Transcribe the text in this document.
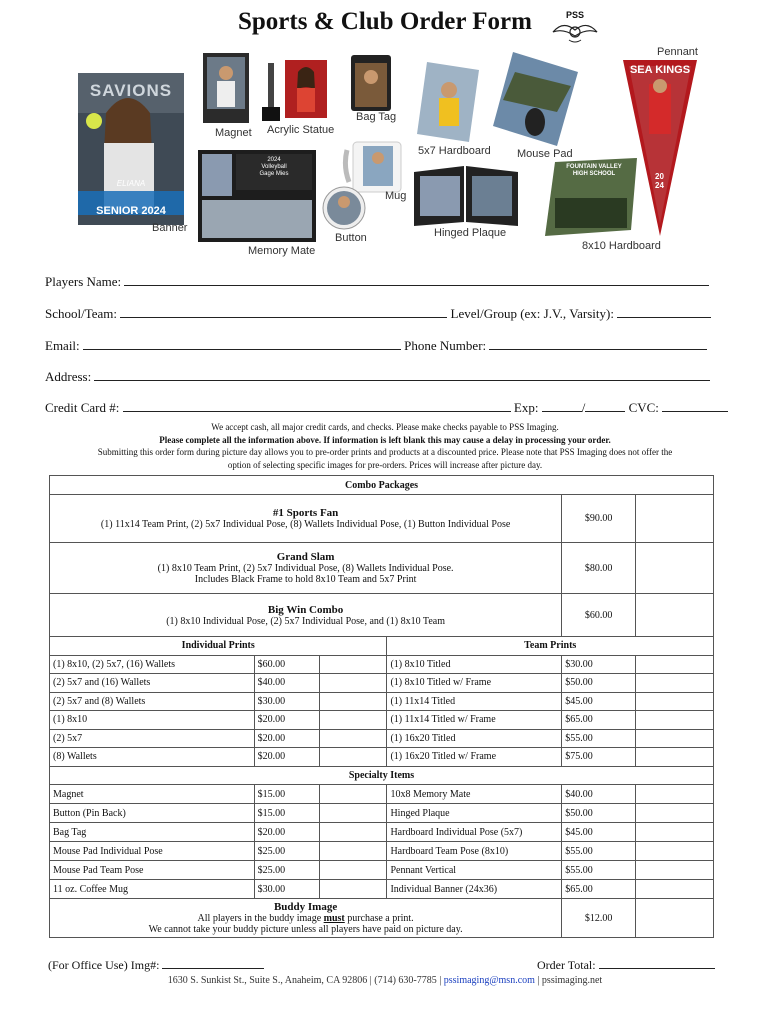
Sports & Club Order Form	PSS
SAVIONS
ELIANA
SENIOR 2024
Banner
Magnet Acrylic Statue
Bag Tag
5x7 Hardboard Mouse Pad
Pennant
SEA KINGS
2024
Mug
Button
2024
Volleyball
Gage Mies
Memory Mate
Hinged Plaque
FOUNTAIN VALLEY
HIGH SCHOOL
8x10 Hardboard
Players Name:
School/Team:	Level/Group (ex: J.V., Varsity):
Email:	Phone Number:
Address:
Credit Card #:	Exp:	/	CVC:
We accept cash, all major credit cards, and checks. Please make checks payable to PSS Imaging.
Please complete all the information above. If information is left blank this may cause a delay in processing your order.
Submitting this order form during picture day allows you to pre-order prints and products at a discounted price. Please note that PSS Imaging does not offer the
option of selecting specific images for pre-orders. Prices will increase after picture day.
Combo Packages					

#1 Sports Fan
(1) 11x14 Team Print, (2) 5x7 Individual Pose, (8) Wallets Individual Pose, (1) Button Individual Pose				$90.00	

Grand Slam
(1) 8x10 Team Print, (2) 5x7 Individual Pose, (8) Wallets Individual Pose.
Includes Black Frame to hold 8x10 Team and 5x7 Print				$80.00	

Big Win Combo
(1) 8x10 Individual Pose, (2) 5x7 Individual Pose, and (1) 8x10 Team				$60.00	
Individual Prints			Team Prints		
(1) 8x10, (2) 5x7, (16) Wallets	$60.00		(1) 8x10 Titled	$30.00	
(2) 5x7 and (16) Wallets	$40.00		(1) 8x10 Titled w/ Frame	$50.00	
(2) 5x7 and (8) Wallets	$30.00		(1) 11x14 Titled	$45.00	
(1) 8x10	$20.00		(1) 11x14 Titled w/ Frame	$65.00	
(2) 5x7	$20.00		(1) 16x20 Titled	$55.00	
(8) Wallets	$20.00		(1) 16x20 Titled w/ Frame	$75.00	
Specialty Items					
Magnet	$15.00		10x8 Memory Mate	$40.00	
Button (Pin Back)	$15.00		Hinged Plaque	$50.00	
Bag Tag	$20.00		Hardboard Individual Pose (5x7)	$45.00	
Mouse Pad Individual Pose	$25.00		Hardboard Team Pose (8x10)	$55.00	
Mouse Pad Team Pose	$25.00		Pennant Vertical	$55.00	
11 oz. Coffee Mug	$30.00		Individual Banner (24x36)	$65.00	

Buddy Image
All players in the buddy image must purchase a print.
We cannot take your buddy picture unless all players have paid on picture day.				$12.00	
(For Office Use) Img#:	Order Total:
1630 S. Sunkist St., Suite S., Anaheim, CA 92806 | (714) 630-7785 | pssimaging@msn.com | pssimaging.net
